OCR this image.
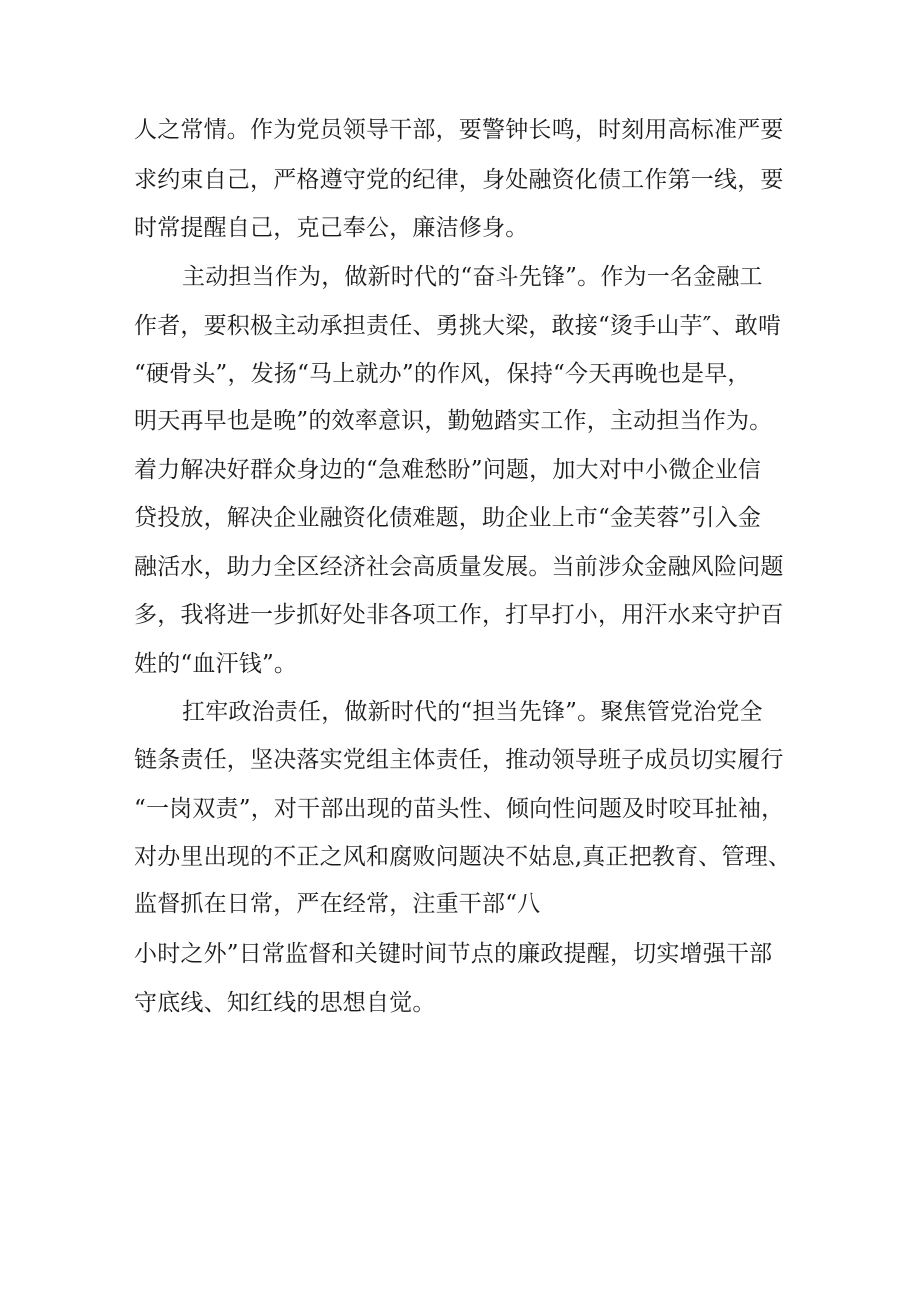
人之常情。作为党员领导干部，要警钟长鸣，时刻用高标准严要

求约束自己，严格遵守党的纪律，身处融资化债工作第一线，要

时常提醒自己，克己奉公，廉洁修身。

主动担当作为，做新时代的“奋斗先锋”。作为一名金融工

作者，要积极主动承担责任、勇挑大梁，敢接“烫手山芋″、敢啃

“硬骨头”，发扬“马上就办”的作风，保持“今天再晚也是早，

明天再早也是晚”的效率意识，勤勉踏实工作，主动担当作为。

着力解决好群众身边的“急难愁盼”问题，加大对中小微企业信

贷投放，解决企业融资化债难题，助企业上市“金芙蓉”引入金

融活水，助力全区经济社会高质量发展。当前涉众金融风险问题

多，我将进一步抓好处非各项工作，打早打小，用汗水来守护百

姓的“血汗钱”。

扛牢政治责任，做新时代的“担当先锋”。聚焦管党治党全

链条责任，坚决落实党组主体责任，推动领导班子成员切实履行

“一岗双责”，对干部出现的苗头性、倾向性问题及时咬耳扯袖，

对办里出现的不正之风和腐败问题决不姑息,真正把教育、管理、

监督抓在日常，严在经常，注重干部“八

小时之外”日常监督和关键时间节点的廉政提醒，切实增强干部

守底线、知红线的思想自觉。
